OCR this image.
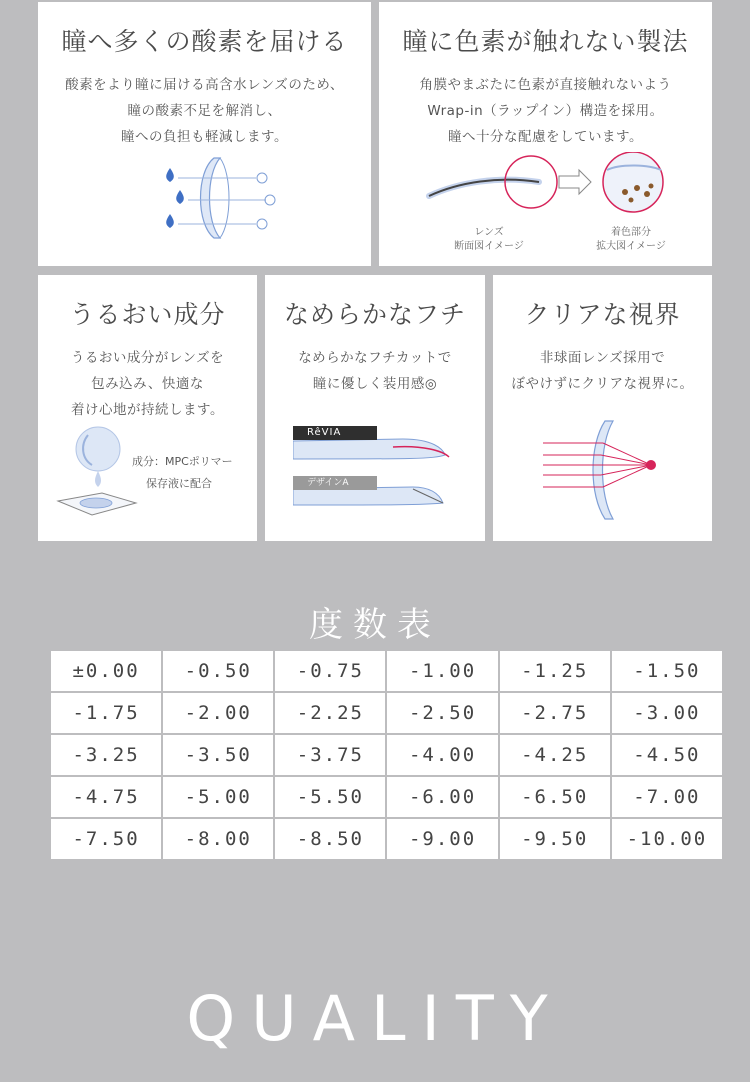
瞳へ多くの酸素を届ける
酸素をより瞳に届ける高含水レンズのため、
瞳の酸素不足を解消し、
瞳への負担も軽減します。
瞳に色素が触れない製法
角膜やまぶたに色素が直接触れないよう
Wrap-in（ラップイン）構造を採用。
瞳へ十分な配慮をしています。
レンズ
断面図イメージ
着色部分
拡大図イメージ
うるおい成分
うるおい成分がレンズを
包み込み、快適な
着け心地が持続します。
成分：MPCポリマー
保存液に配合
なめらかなフチ
なめらかなフチカットで
瞳に優しく装用感◎
RêVIA
デザインA
クリアな視界
非球面レンズ採用で
ぼやけずにクリアな視界に。
度数表
±0.00	-0.50	-0.75	-1.00	-1.25	-1.50
-1.75	-2.00	-2.25	-2.50	-2.75	-3.00
-3.25	-3.50	-3.75	-4.00	-4.25	-4.50
-4.75	-5.00	-5.50	-6.00	-6.50	-7.00
-7.50	-8.00	-8.50	-9.00	-9.50	-10.00
QUALITY
